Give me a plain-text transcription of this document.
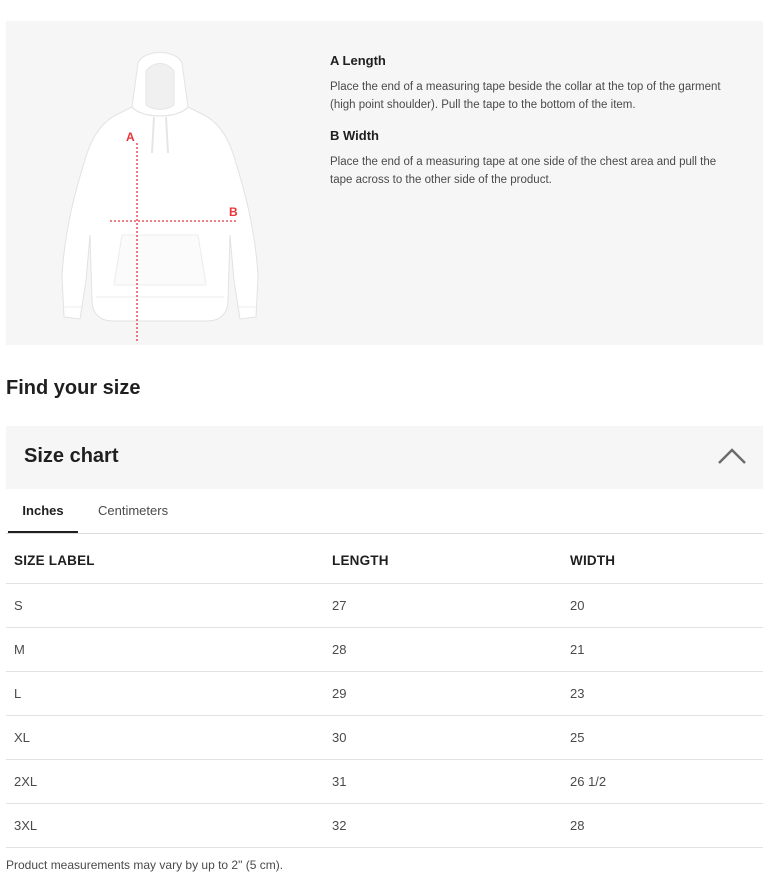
A
B
A Length

Place the end of a measuring tape beside the collar at the top of the garment (high point shoulder). Pull the tape to the bottom of the item.

B Width

Place the end of a measuring tape at one side of the chest area and pull the tape across to the other side of the product.

Find your size
Size chart
Inches	Centimeters
SIZE LABEL	LENGTH	WIDTH
S	27	20
M	28	21
L	29	23
XL	30	25
2XL	31	26 1/2
3XL	32	28

Product measurements may vary by up to 2" (5 cm).
